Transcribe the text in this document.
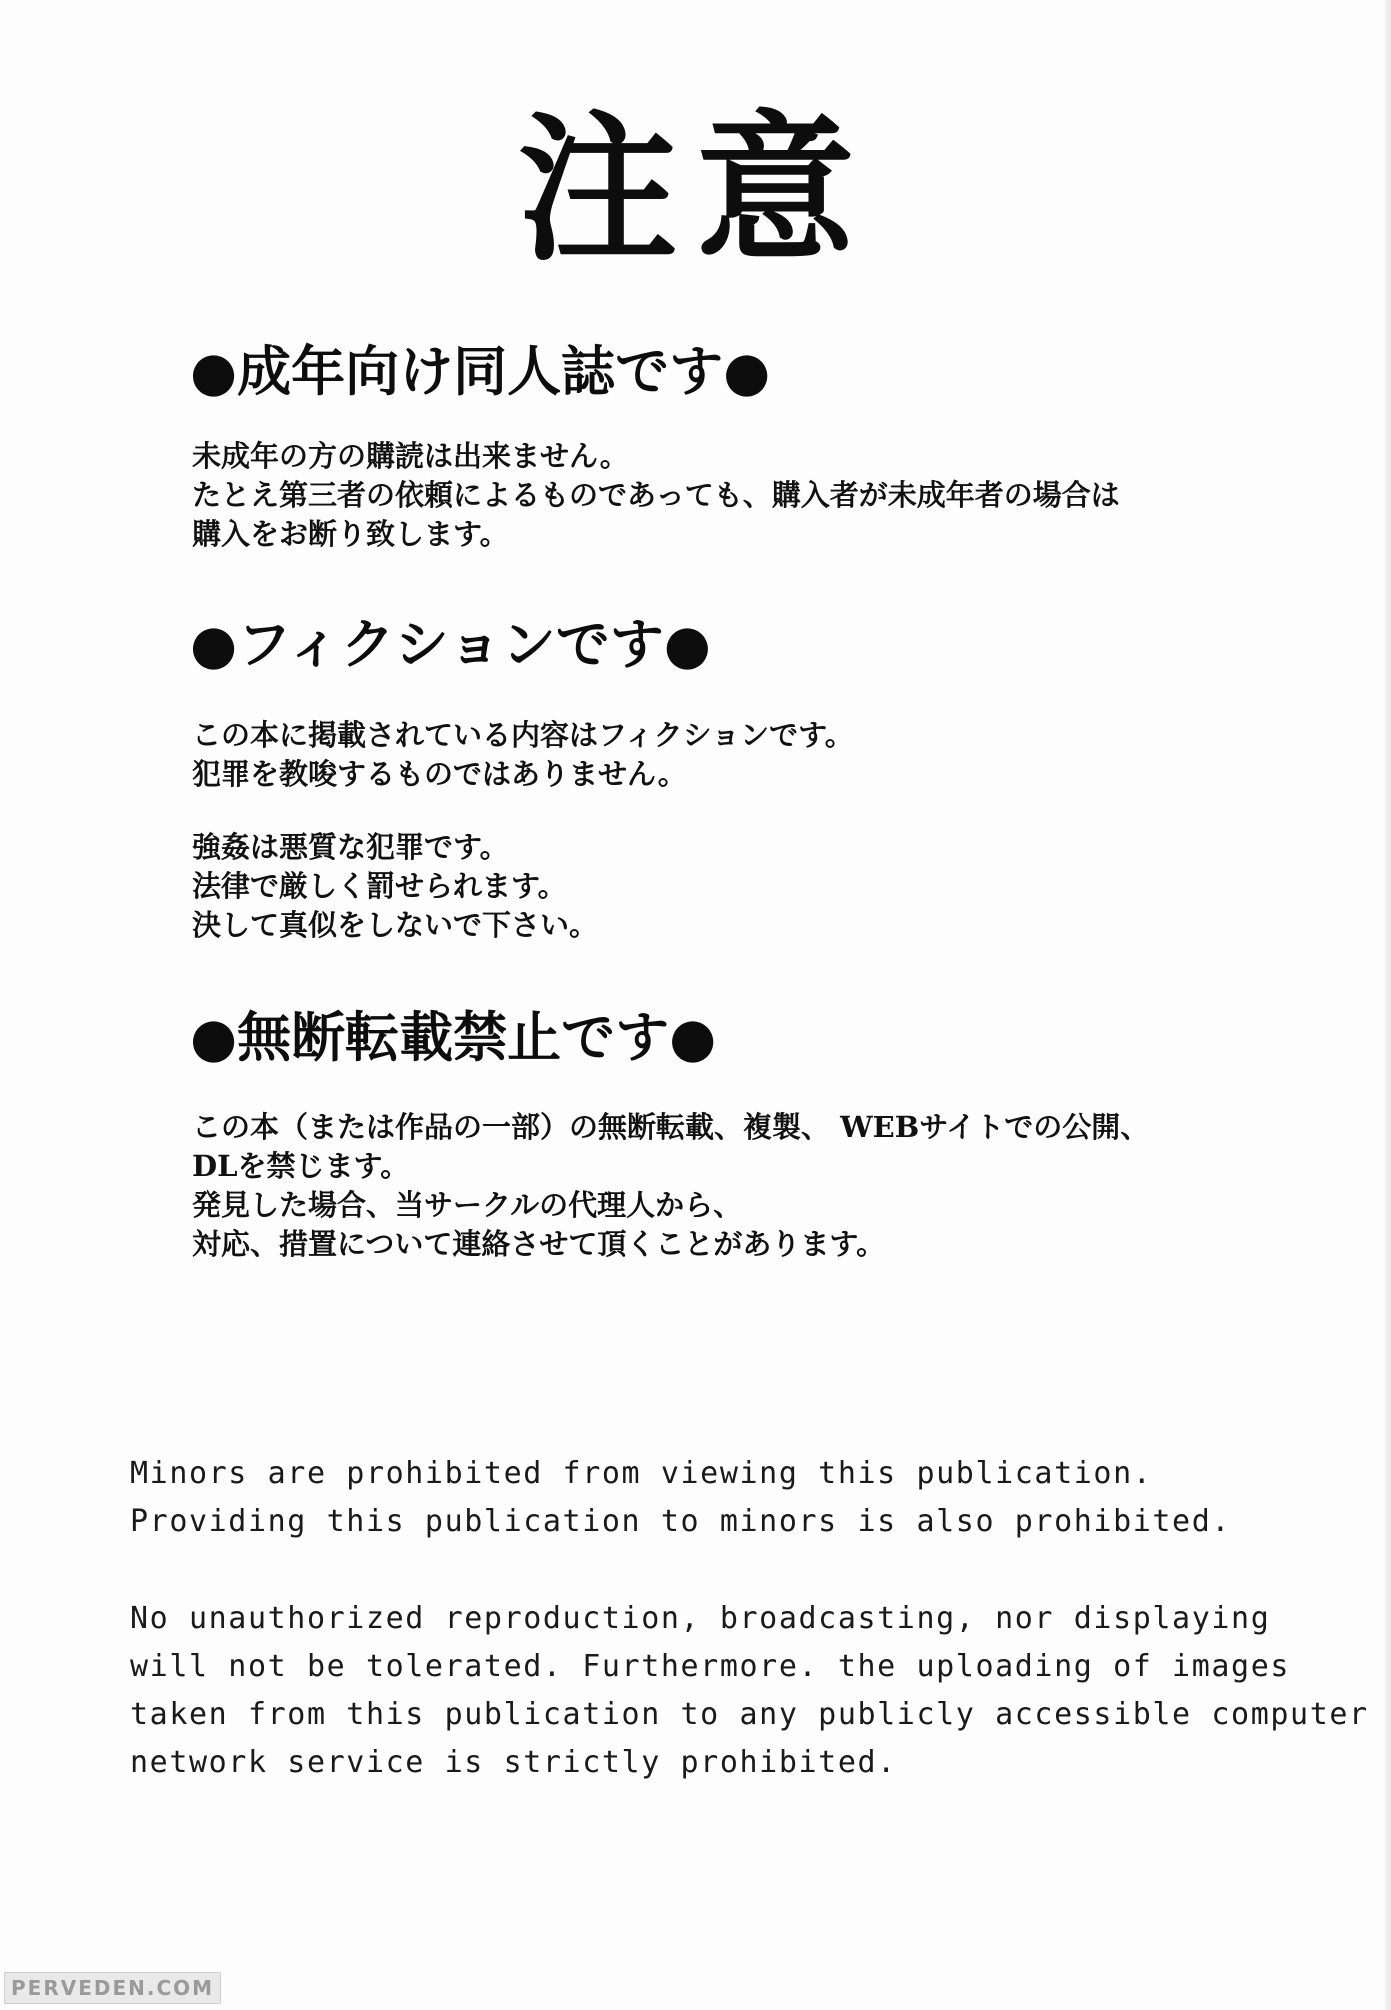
注意
●成年向け同人誌です●

未成年の方の購読は出来ません。

たとえ第三者の依頼によるものであっても、購入者が未成年者の場合は

購入をお断り致します。

●フィクションです●

この本に掲載されている内容はフィクションです。

犯罪を教唆するものではありません。

強姦は悪質な犯罪です。

法律で厳しく罰せられます。

決して真似をしないで下さい。

●無断転載禁止です●

この本（または作品の一部）の無断転載、複製、 WEBサイトでの公開、

DLを禁じます。

発見した場合、当サークルの代理人から、

対応、措置について連絡させて頂くことがあります。

Minors are prohibited from viewing this publication.

Providing this publication to minors is also prohibited.

No unauthorized reproduction, broadcasting, nor displaying

will not be tolerated. Furthermore. the uploading of images

taken from this publication to any publicly accessible computer

network service is strictly prohibited.

PERVEDEN.COM
